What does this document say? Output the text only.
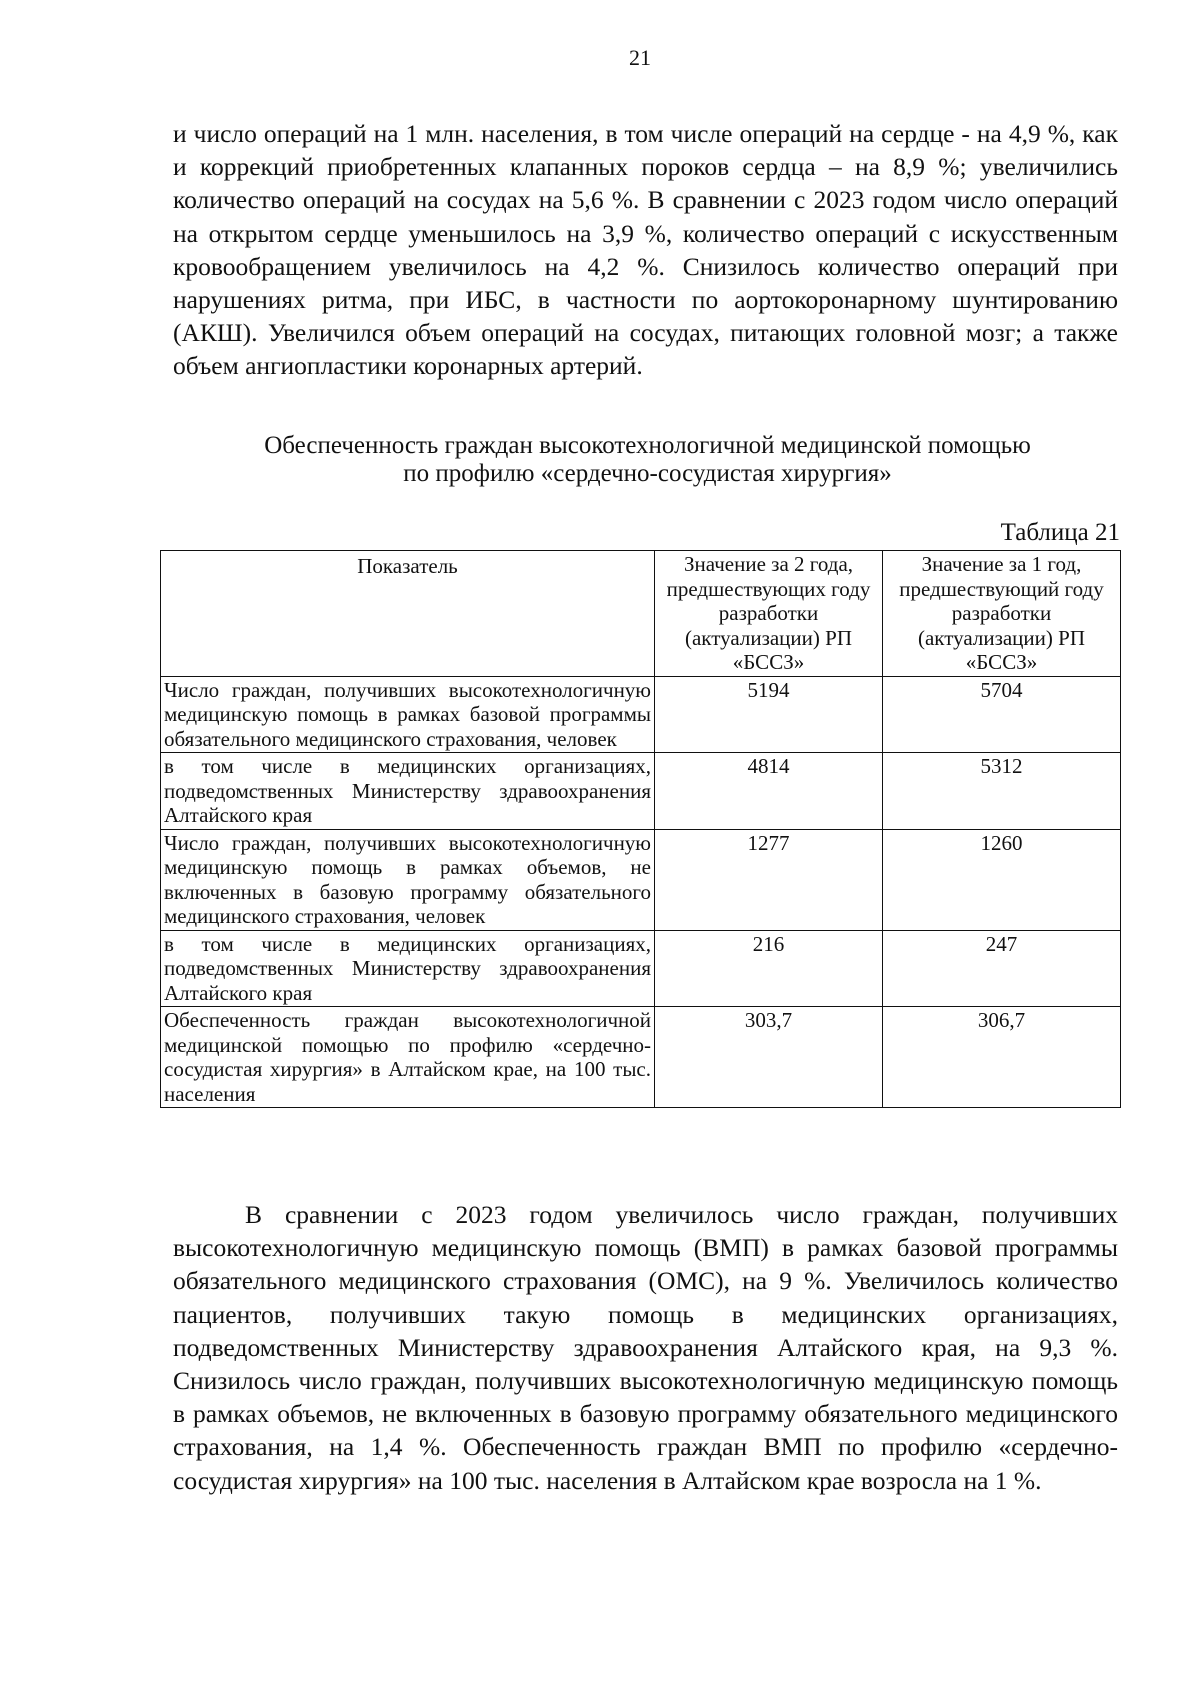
21

и число операций на 1 млн. населения, в том числе операций на сердце - на 4,9 %, как и коррекций приобретенных клапанных пороков сердца – на 8,9 %; увеличились количество операций на сосудах на 5,6 %. В сравнении с 2023 годом число операций на открытом сердце уменьшилось на 3,9 %, количество операций с искусственным кровообращением увеличилось на 4,2 %. Снизилось количество операций при нарушениях ритма, при ИБС, в частности по аортокоронарному шунтированию (АКШ). Увеличился объем операций на сосудах, питающих головной мозг; а также объем ангиопластики коронарных артерий.

Обеспеченность граждан высокотехнологичной медицинской помощью
по профилю «сердечно-сосудистая хирургия»
Таблица 21
Показатель	Значение за 2 года, предшествующих году разработки (актуализации) РП «БССЗ»	Значение за 1 год, предшествующий году разработки (актуализации) РП «БССЗ»
Число граждан, получивших высокотехнологичную медицинскую помощь в рамках базовой программы обязательного медицинского страхования, человек	5194	5704
в том числе в медицинских организациях, подведомственных Министерству здравоохранения Алтайского края	4814	5312
Число граждан, получивших высокотехнологичную медицинскую помощь в рамках объемов, не включенных в базовую программу обязательного медицинского страхования, человек	1277	1260
в том числе в медицинских организациях, подведомственных Министерству здравоохранения Алтайского края	216	247
Обеспеченность граждан высокотехнологичной медицинской помощью по профилю «сердечно-сосудистая хирургия» в Алтайском крае, на 100 тыс. населения	303,7	306,7

В сравнении с 2023 годом увеличилось число граждан, получивших высокотехнологичную медицинскую помощь (ВМП) в рамках базовой программы обязательного медицинского страхования (ОМС), на 9 %. Увеличилось количество пациентов, получивших такую помощь в медицинских организациях, подведомственных Министерству здравоохранения Алтайского края, на 9,3 %. Снизилось число граждан, получивших высокотехнологичную медицинскую помощь в рамках объемов, не включенных в базовую программу обязательного медицинского страхования, на 1,4 %. Обеспеченность граждан ВМП по профилю «сердечно-сосудистая хирургия» на 100 тыс. населения в Алтайском крае возросла на 1 %.
